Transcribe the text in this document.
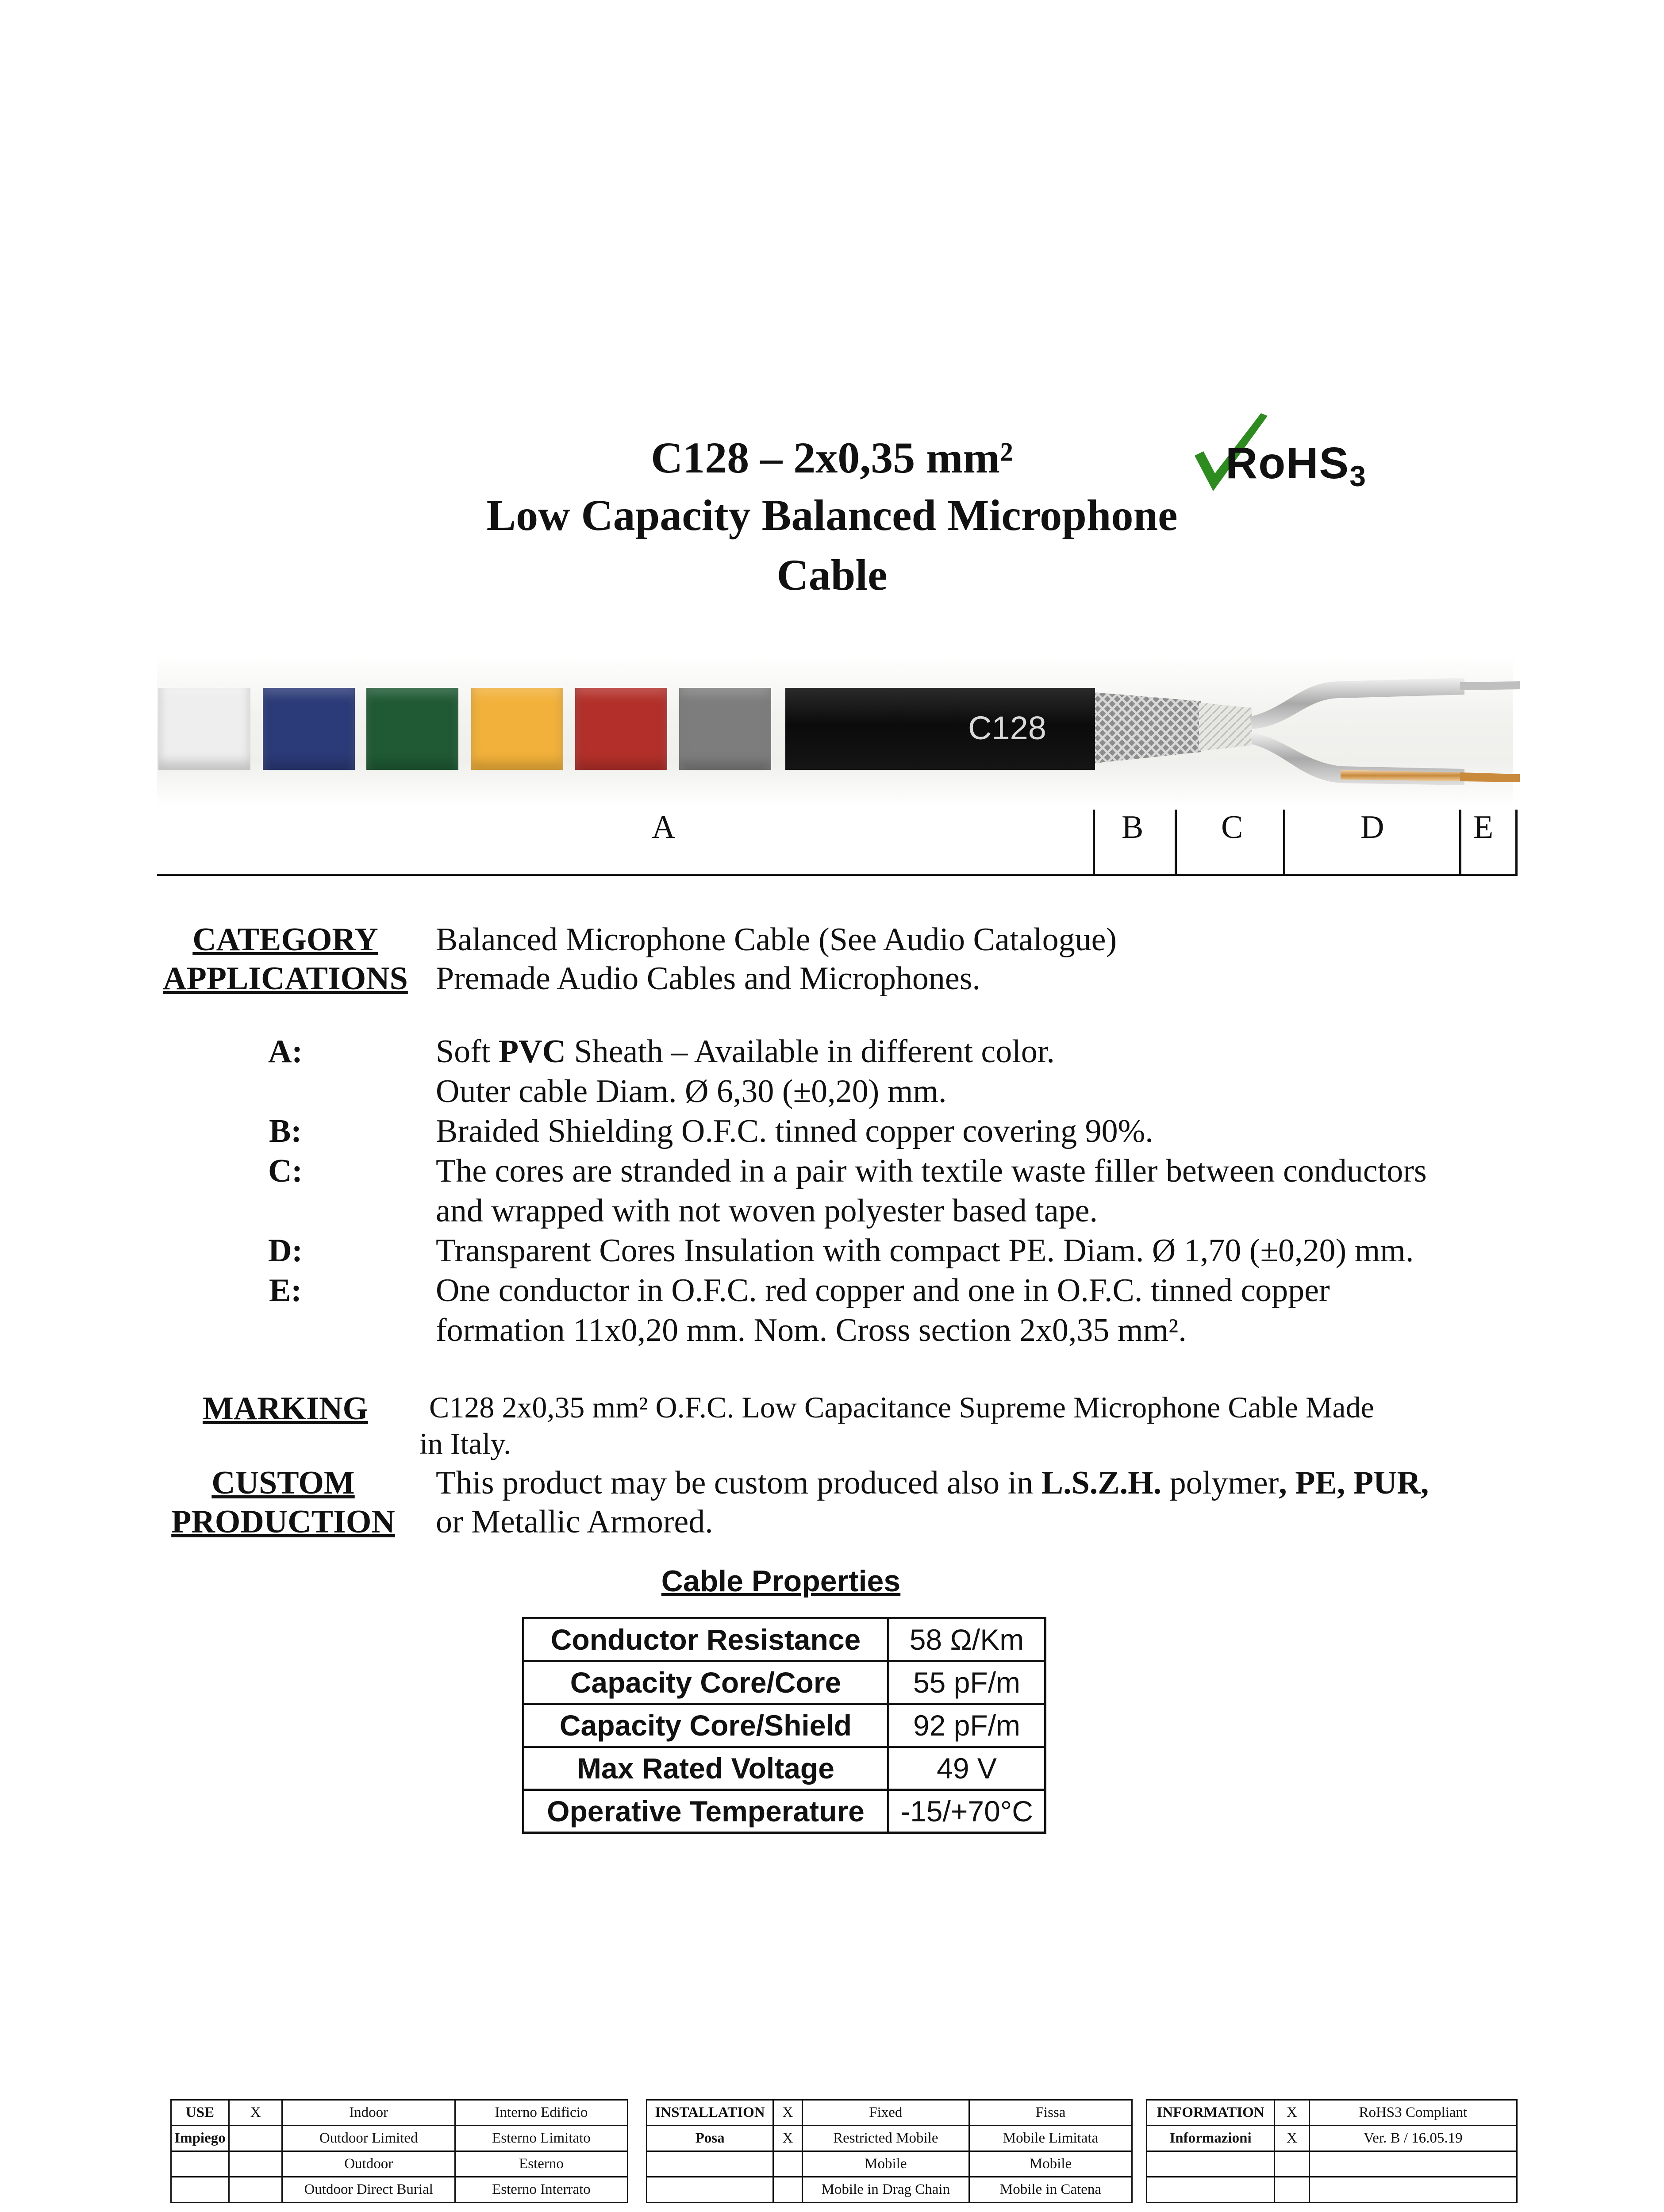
C128 – 2x0,35 mm²
Low Capacity Balanced Microphone
Cable
RoHS$_3$
C128
A	B C	D	E
CATEGORY	Balanced Microphone Cable (See Audio Catalogue)
APPLICATIONS Premade Audio Cables and Microphones.
A:	Soft PVC Sheath – Available in different color.
Outer cable Diam. Ø 6,30 (±0,20) mm.
B:	Braided Shielding O.F.C. tinned copper covering 90%.
C:	The cores are stranded in a pair with textile waste filler between conductors
and wrapped with not woven polyester based tape.
D:	Transparent Cores Insulation with compact PE. Diam. Ø 1,70 (±0,20) mm.
E:	One conductor in O.F.C. red copper and one in O.F.C. tinned copper
formation 11x0,20 mm. Nom. Cross section 2x0,35 mm².
MARKING	C128 2x0,35 mm² O.F.C. Low Capacitance Supreme Microphone Cable Made
in Italy.
CUSTOM
PRODUCTION
This product may be custom produced also in L.S.Z.H. polymer, PE, PUR,
or Metallic Armored.
Cable Properties
Conductor Resistance	58 Ω/Km
Capacity Core/Core	55 pF/m
Capacity Core/Shield	92 pF/m
Max Rated Voltage	49 V
Operative Temperature	-15/+70°C
USE	X	Indoor	Interno Edificio
Impiego		Outdoor Limited	Esterno Limitato
		Outdoor	Esterno
		Outdoor Direct Burial	Esterno Interrato
INSTALLATION	X	Fixed	Fissa
Posa	X	Restricted Mobile	Mobile Limitata
		Mobile	Mobile
		Mobile in Drag Chain	Mobile in Catena
INFORMATION	X	RoHS3 Compliant
Informazioni	X	Ver. B / 16.05.19
